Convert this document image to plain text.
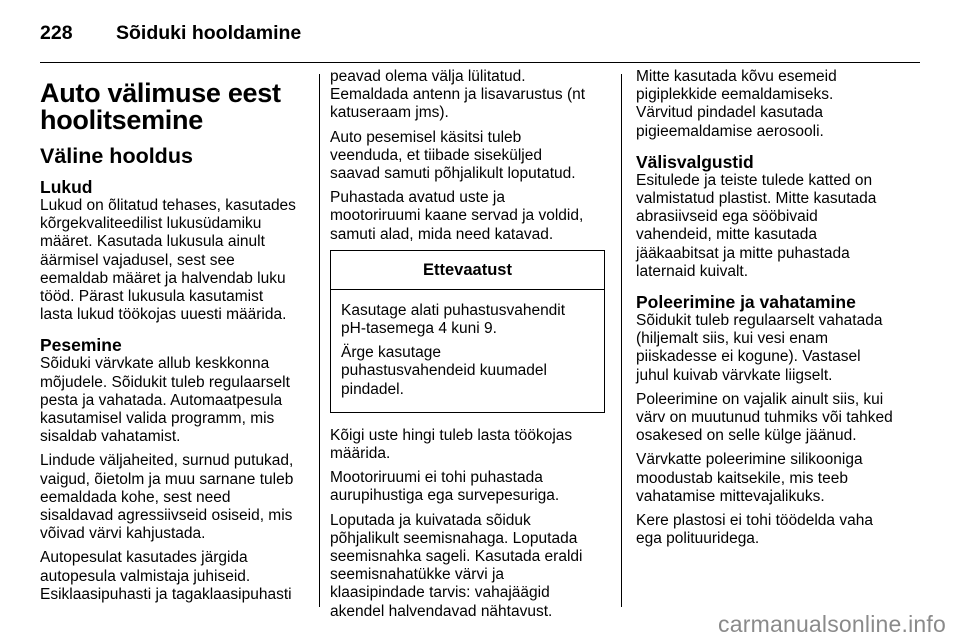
228	Sõiduki hooldamine
Auto välimuse eest
hoolitsemine
Väline hooldus
Lukud

Lukud on õlitatud tehases, kasutades
kõrgekvaliteedilist lukusüdamiku
määret. Kasutada lukusula ainult
äärmisel vajadusel, sest see
eemaldab määret ja halvendab luku
tööd. Pärast lukusula kasutamist
lasta lukud töökojas uuesti määrida.

Pesemine

Sõiduki värvkate allub keskkonna
mõjudele. Sõidukit tuleb regulaarselt
pesta ja vahatada. Automaatpesula
kasutamisel valida programm, mis
sisaldab vahatamist.

Lindude väljaheited, surnud putukad,
vaigud, õietolm ja muu sarnane tuleb
eemaldada kohe, sest need
sisaldavad agressiivseid osiseid, mis
võivad värvi kahjustada.

Autopesulat kasutades järgida
autopesula valmistaja juhiseid.
Esiklaasipuhasti ja tagaklaasipuhasti

peavad olema välja lülitatud.
Eemaldada antenn ja lisavarustus (nt
katuseraam jms).

Auto pesemisel käsitsi tuleb
veenduda, et tiibade siseküljed
saavad samuti põhjalikult loputatud.

Puhastada avatud uste ja
mootoriruumi kaane servad ja voldid,
samuti alad, mida need katavad.

Ettevaatust

Kasutage alati puhastusvahendit
pH-tasemega 4 kuni 9.

Ärge kasutage
puhastusvahendeid kuumadel
pindadel.

Kõigi uste hingi tuleb lasta töökojas
määrida.

Mootoriruumi ei tohi puhastada
aurupihustiga ega survepesuriga.

Loputada ja kuivatada sõiduk
põhjalikult seemisnahaga. Loputada
seemisnahka sageli. Kasutada eraldi
seemisnahatükke värvi ja
klaasipindade tarvis: vahajäägid
akendel halvendavad nähtavust.

Mitte kasutada kõvu esemeid
pigiplekkide eemaldamiseks.
Värvitud pindadel kasutada
pigieemaldamise aerosooli.

Välisvalgustid

Esitulede ja teiste tulede katted on
valmistatud plastist. Mitte kasutada
abrasiivseid ega sööbivaid
vahendeid, mitte kasutada
jääkaabitsat ja mitte puhastada
laternaid kuivalt.

Poleerimine ja vahatamine

Sõidukit tuleb regulaarselt vahatada
(hiljemalt siis, kui vesi enam
piiskadesse ei kogune). Vastasel
juhul kuivab värvkate liigselt.

Poleerimine on vajalik ainult siis, kui
värv on muutunud tuhmiks või tahked
osakesed on selle külge jäänud.

Värvkatte poleerimine silikooniga
moodustab kaitsekile, mis teeb
vahatamise mittevajalikuks.

Kere plastosi ei tohi töödelda vaha
ega polituuridega.

carmanualsonline.info
